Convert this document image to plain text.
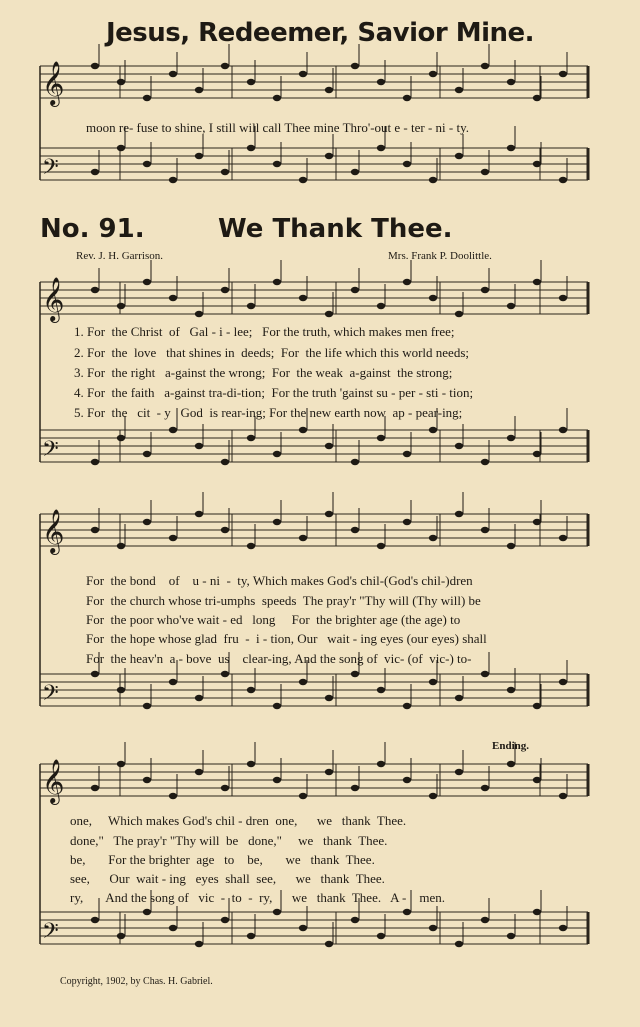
𝄞
𝄢
𝄞
𝄢
𝄞
𝄢
𝄞
𝄢
Jesus, Redeemer, Savior Mine.
moon re- fuse to shine, I still will call Thee mine Thro'-out e - ter - ni - ty.
No. 91.	We Thank Thee.
Rev. J. H. Garrison.	Mrs. Frank P. Doolittle.
1. For  the Christ  of   Gal - i - lee;   For the truth, which makes men free;
2. For  the  love   that shines in  deeds;  For  the life which this world needs;
3. For  the right   a-gainst the wrong;  For  the weak  a-gainst  the strong;
4. For  the faith   a-gainst tra-di-tion;  For the truth 'gainst su - per - sti - tion;
5. For  the   cit  - y   God  is rear-ing; For the new earth now  ap - pear-ing;
For  the bond    of    u - ni  -  ty, Which makes God's chil-(God's chil-)dren
For  the church whose tri-umphs  speeds  The pray'r "Thy will (Thy will) be
For  the poor who've wait - ed   long     For  the brighter age (the age) to
For  the hope whose glad  fru  -  i - tion, Our   wait - ing eyes (our eyes) shall
For  the heav'n  a - bove  us    clear-ing, And the song of  vic- (of  vic-) to-
Ending.
one,     Which makes God's chil - dren  one,      we   thank  Thee.
done,"   The pray'r "Thy will  be   done,"     we   thank  Thee.
be,       For the brighter  age   to    be,       we   thank  Thee.
see,      Our  wait - ing   eyes  shall  see,      we   thank  Thee.
ry,       And the song of   vic  -  to  -  ry,      we   thank  Thee.   A -    men.
Copyright, 1902, by Chas. H. Gabriel.
